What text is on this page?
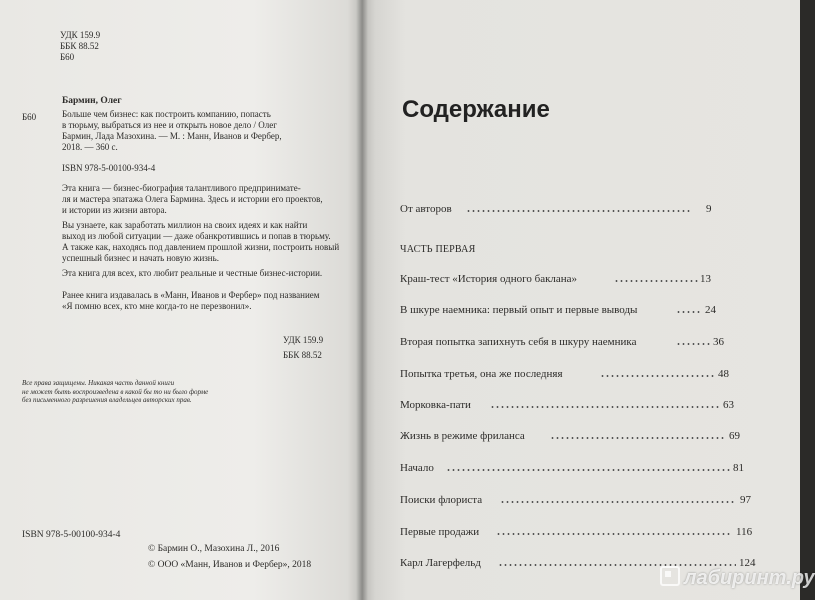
УДК 159.9
ББК 88.52
Б60
Бармин, Олег
Б60	Больше чем бизнес: как построить компанию, попасть
в тюрьму, выбраться из нее и открыть новое дело / Олег
Бармин, Лада Мазохина. — М. : Манн, Иванов и Фербер,
2018. — 360 с.
ISBN 978-5-00100-934-4
Эта книга — бизнес-биография талантливого предпринимате-
ля и мастера эпатажа Олега Бармина. Здесь и истории его проектов,
и истории из жизни автора.
Вы узнаете, как заработать миллион на своих идеях и как найти
выход из любой ситуации — даже обанкротившись и попав в тюрьму.
А также как, находясь под давлением прошлой жизни, построить новый
успешный бизнес и начать новую жизнь.
Эта книга для всех, кто любит реальные и честные бизнес-истории.
Ранее книга издавалась в «Манн, Иванов и Фербер» под названием
«Я помню всех, кто мне когда-то не перезвонил».
УДК 159.9
ББК 88.52
Все права защищены. Никакая часть данной книги
не может быть воспроизведена в какой бы то ни было форме
без письменного разрешения владельцев авторских прав.
ISBN 978-5-00100-934-4
© Бармин О., Мазохина Л., 2016
© ООО «Манн, Иванов и Фербер», 2018
Содержание
От авторов	9
ЧАСТЬ ПЕРВАЯ
Краш-тест «История одного баклана»	13
В шкуре наемника: первый опыт и первые выводы	24
Вторая попытка запихнуть себя в шкуру наемника	36
Попытка третья, она же последняя	48
Морковка-пати	63
Жизнь в режиме фриланса	69
Начало	81
Поиски флориста	97
Первые продажи	116
Карл Лагерфельд	124
лабиринт.ру
